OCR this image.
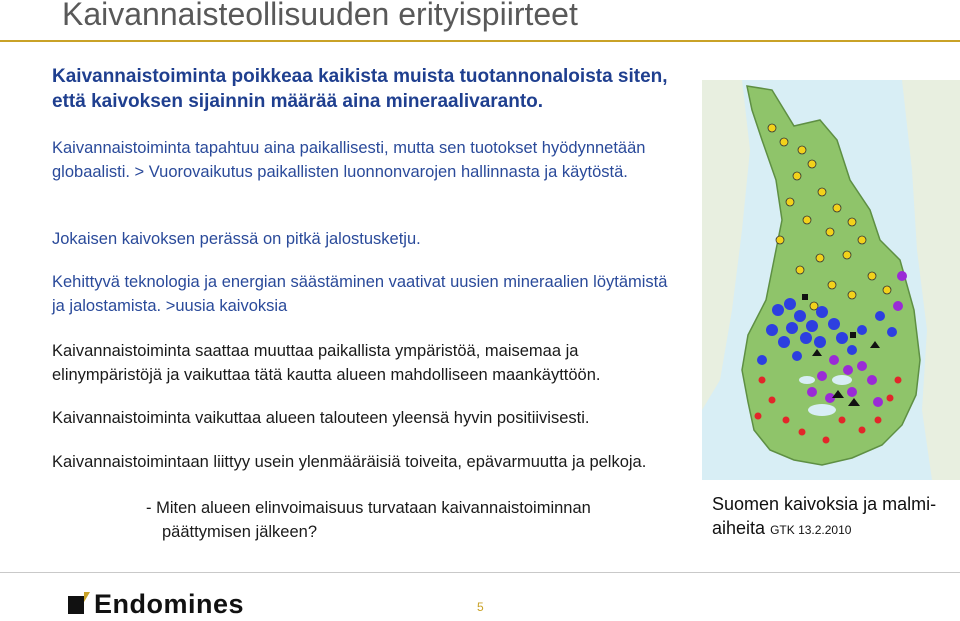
Kaivannaisteollisuuden erityispiirteet

Kaivannaistoiminta poikkeaa kaikista muista tuotannonaloista siten, että kaivoksen sijainnin määrää aina mineraalivaranto.

Kaivannaistoiminta tapahtuu aina paikallisesti, mutta sen tuotokset hyödynnetään globaalisti. > Vuorovaikutus paikallisten luonnonvarojen hallinnasta ja käytöstä.

Jokaisen kaivoksen perässä on pitkä jalostusketju.

Kehittyvä teknologia ja energian säästäminen vaativat uusien mineraalien löytämistä ja jalostamista. >uusia kaivoksia

Kaivannaistoiminta saattaa muuttaa paikallista ympäristöä, maisemaa ja elinympäristöjä ja vaikuttaa tätä kautta alueen mahdolliseen maankäyttöön.

Kaivannaistoiminta vaikuttaa alueen talouteen yleensä hyvin positiivisesti.

Kaivannaistoimintaan liittyy usein ylenmääräisiä toiveita, epävarmuutta ja pelkoja.

- Miten alueen elinvoimaisuus turvataan kaivannaistoiminnan

päättymisen jälkeen?

Suomen kaivoksia ja malmi-aiheita GTK 13.2.2010

Endomines	5
